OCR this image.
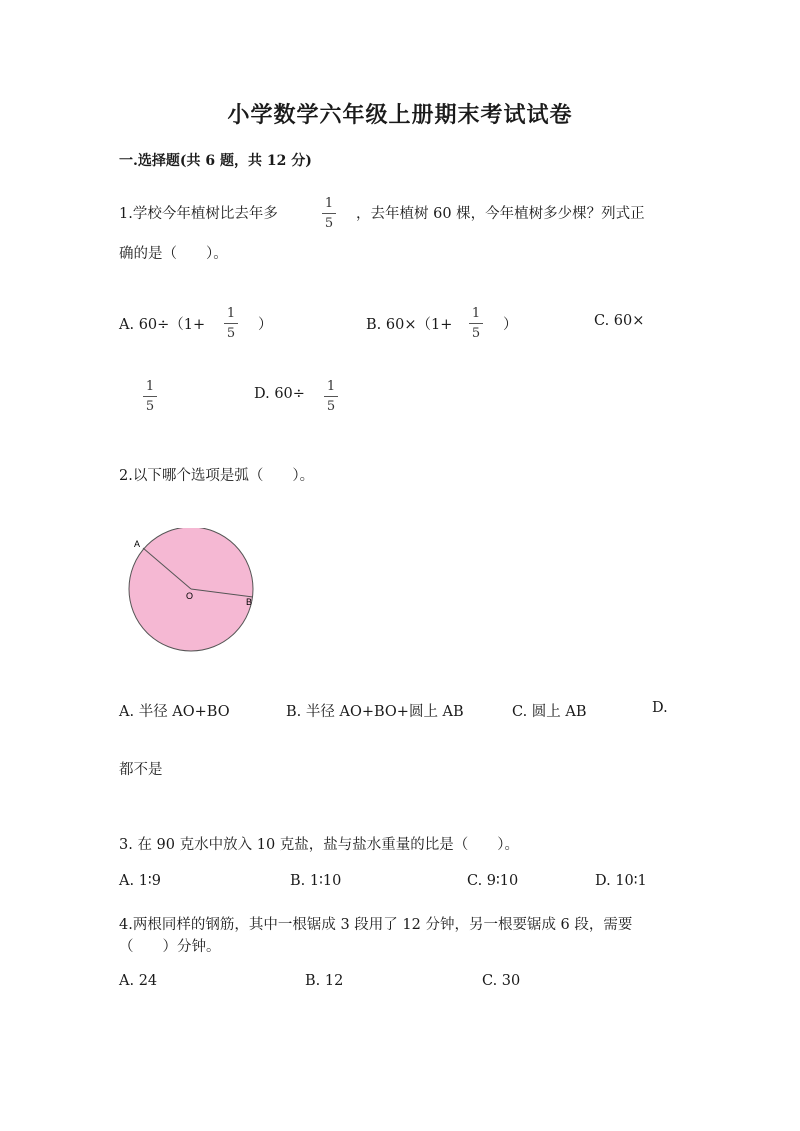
小学数学六年级上册期末考试试卷
一.选择题(共 6 题，共 12 分)
1.学校今年植树比去年多
1
5
，去年植树 60 棵，今年植树多少棵？列式正
确的是（　　）。
A. 60÷（1+
1
5
）	B. 60×（1+
1
5
）	C. 60×
1
5
D. 60÷ 1
5
2.以下哪个选项是弧（　　）。
A
O
B
A. 半径 AO+BO	B. 半径 AO+BO+圆上 AB	C. 圆上 AB	D.
都不是
3. 在 90 克水中放入 10 克盐，盐与盐水重量的比是（　　）。
A. 1∶9	B. 1∶10	C. 9∶10	D. 10∶1
4.两根同样的钢筋，其中一根锯成 3 段用了 12 分钟，另一根要锯成 6 段，需要
（　　）分钟。
A. 24	B. 12	C. 30
